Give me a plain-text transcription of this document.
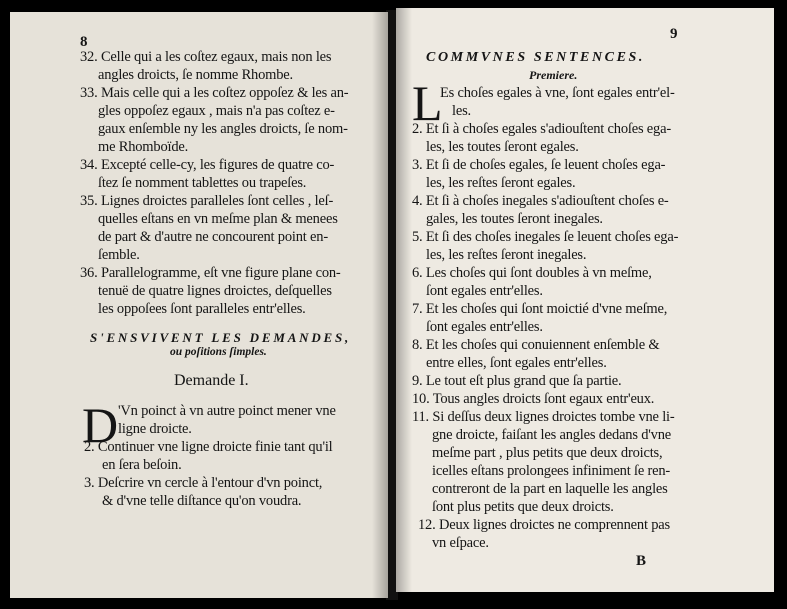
8
32. Celle qui a les coſtez egaux, mais non les
angles droicts, ſe nomme Rhombe.
33. Mais celle qui a les coſtez oppoſez & les an-
gles oppoſez egaux , mais n'a pas coſtez e-
gaux enſemble ny les angles droicts, ſe nom-
me Rhomboïde.
34. Excepté celle-cy, les figures de quatre co-
ſtez ſe nomment tablettes ou trapeſes.
35. Lignes droictes paralleles ſont celles , leſ-
quelles eſtans en vn meſme plan & menees
de part & d'autre ne concourent point en-
ſemble.
36. Parallelogramme, eſt vne figure plane con-
tenuë de quatre lignes droictes, deſquelles
les oppoſees ſont paralleles entr'elles.
S'ENSVIVENT LES DEMANDES,
ou poſitions ſimples.
Demande I.
D 'Vn poinct à vn autre poinct mener vne
ligne droicte.
2. Continuer vne ligne droicte finie tant qu'il
en ſera beſoin.
3. Deſcrire vn cercle à l'entour d'vn poinct,
& d'vne telle diſtance qu'on voudra.
COMMVNES SENTENCES.
9
Premiere.
L
Es choſes egales à vne, ſont egales entr'el-
les.
2. Et ſi à choſes egales s'adiouſtent choſes ega-
les, les toutes ſeront egales.
3. Et ſi de choſes egales, ſe leuent choſes ega-
les, les reſtes ſeront egales.
4. Et ſi à choſes inegales s'adiouſtent choſes e-
gales, les toutes ſeront inegales.
5. Et ſi des choſes inegales ſe leuent choſes ega-
les, les reſtes ſeront inegales.
6. Les choſes qui ſont doubles à vn meſme,
ſont egales entr'elles.
7. Et les choſes qui ſont moictié d'vne meſme,
ſont egales entr'elles.
8. Et les choſes qui conuiennent enſemble &
entre elles, ſont egales entr'elles.
9. Le tout eſt plus grand que ſa partie.
10. Tous angles droicts ſont egaux entr'eux.
11. Si deſſus deux lignes droictes tombe vne li-
gne droicte, faiſant les angles dedans d'vne
meſme part , plus petits que deux droicts,
icelles eſtans prolongees infiniment ſe ren-
contreront de la part en laquelle les angles
ſont plus petits que deux droicts.
12. Deux lignes droictes ne comprennent pas
vn eſpace.
B
